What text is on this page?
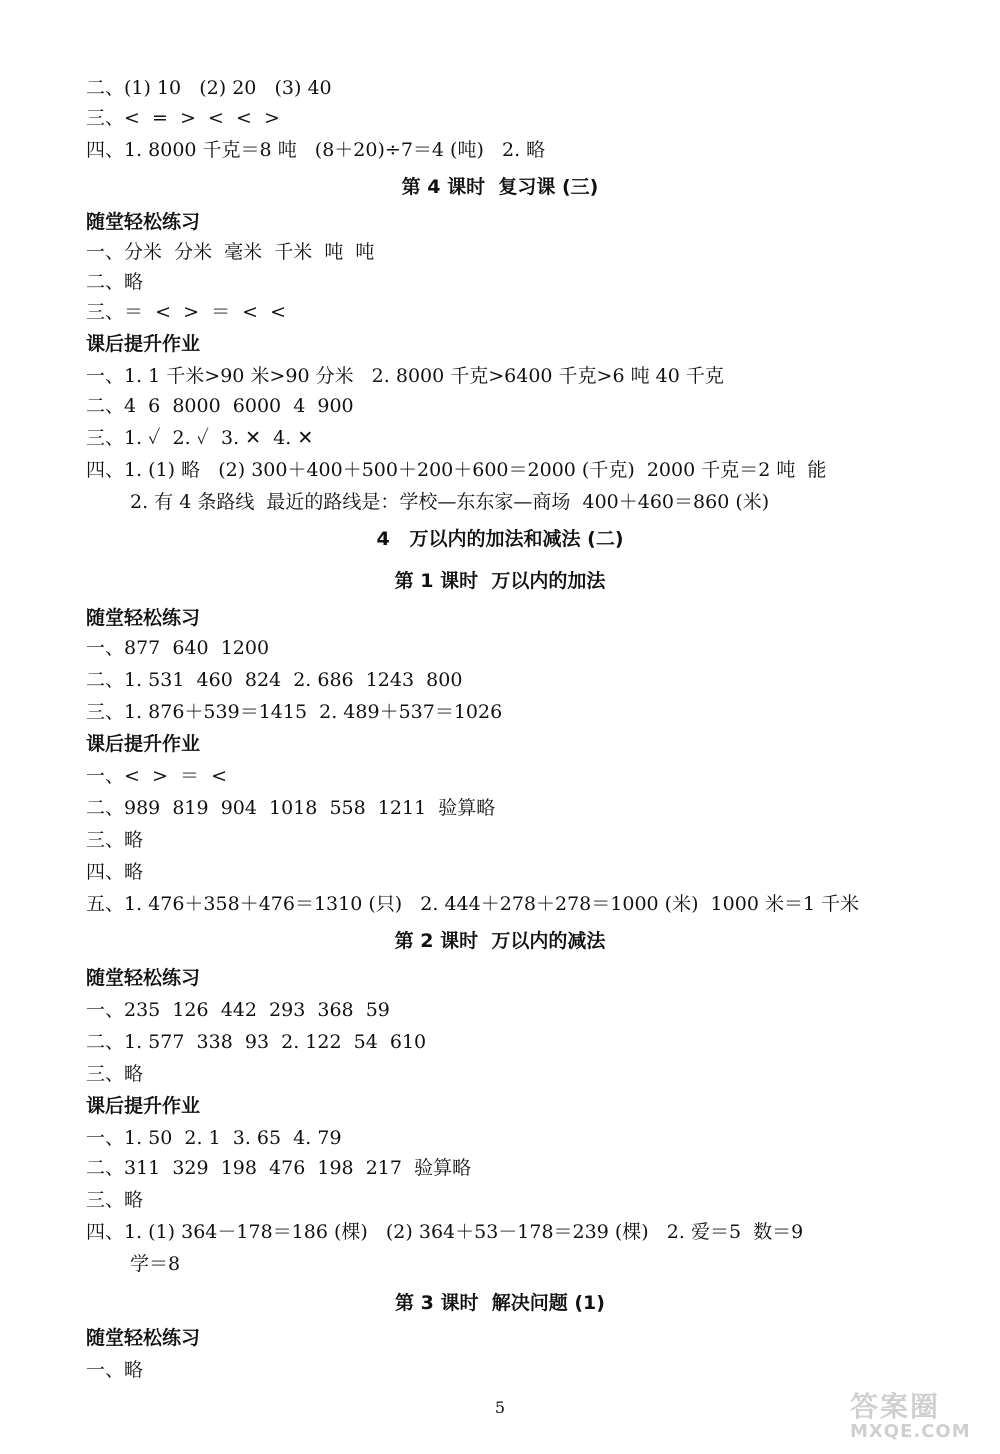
二、(1) 10   (2) 20   (3) 40
三、<  =  >  <  <  >
四、1. 8000 千克＝8 吨   (8＋20)÷7＝4 (吨)   2. 略
第 4 课时  复习课 (三)
随堂轻松练习
一、分米  分米  毫米  千米  吨  吨
二、略
三、＝  <  >  ＝  <  <
课后提升作业
一、1. 1 千米>90 米>90 分米   2. 8000 千克>6400 千克>6 吨 40 千克
二、4  6  8000  6000  4  900
三、1. ✓  2. ✓  3. ✕  4. ✕
四、1. (1) 略   (2) 300＋400＋500＋200＋600＝2000 (千克)  2000 千克＝2 吨  能
2. 有 4 条路线  最近的路线是：学校—东东家—商场  400＋460＝860 (米)
4   万以内的加法和减法 (二)
第 1 课时  万以内的加法
随堂轻松练习
一、877  640  1200
二、1. 531  460  824  2. 686  1243  800
三、1. 876＋539＝1415  2. 489＋537＝1026
课后提升作业
一、<  >  ＝  <
二、989  819  904  1018  558  1211  验算略
三、略
四、略
五、1. 476＋358＋476＝1310 (只)   2. 444＋278＋278＝1000 (米)  1000 米＝1 千米
第 2 课时  万以内的减法
随堂轻松练习
一、235  126  442  293  368  59
二、1. 577  338  93  2. 122  54  610
三、略
课后提升作业
一、1. 50  2. 1  3. 65  4. 79
二、311  329  198  476  198  217  验算略
三、略
四、1. (1) 364－178＝186 (棵)   (2) 364＋53－178＝239 (棵)   2. 爱＝5  数＝9
学＝8
第 3 课时  解决问题 (1)
随堂轻松练习
一、略
5	答案圈
MXQE.COM
